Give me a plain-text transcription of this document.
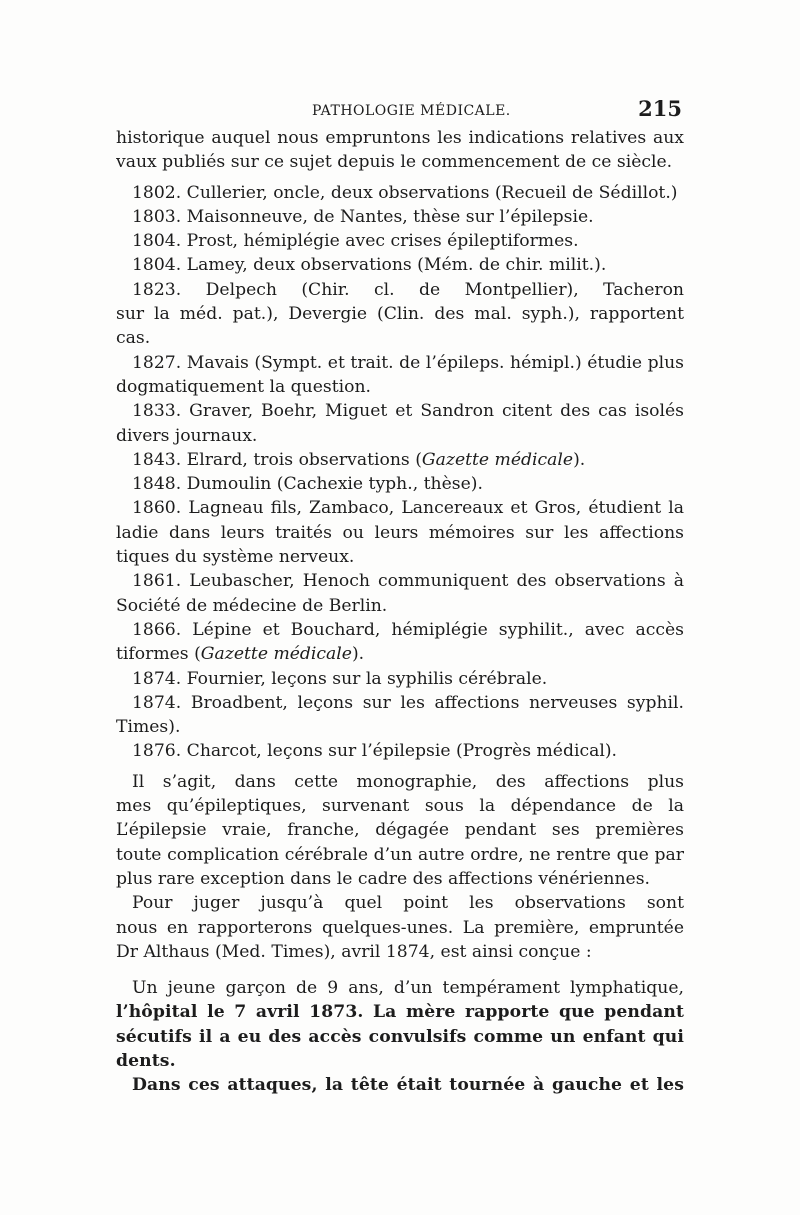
PATHOLOGIE MÉDICALE.	215
historique auquel nous empruntons les indications relatives aux
vaux publiés sur ce sujet depuis le commencement de ce siècle.
1802. Cullerier, oncle, deux observations (Recueil de Sédillot.)
1803. Maisonneuve, de Nantes, thèse sur l’épilepsie.
1804. Prost, hémiplégie avec crises épileptiformes.
1804. Lamey, deux observations (Mém. de chir. milit.).
1823. Delpech (Chir. cl. de Montpellier), Tacheron
sur la méd. pat.), Devergie (Clin. des mal. syph.), rapportent
cas.
1827. Mavais (Sympt. et trait. de l’épileps. hémipl.) étudie plus
dogmatiquement la question.
1833. Graver, Boehr, Miguet et Sandron citent des cas isolés
divers journaux.
1843. Elrard, trois observations (Gazette médicale).
1848. Dumoulin (Cachexie typh., thèse).
1860. Lagneau fils, Zambaco, Lancereaux et Gros, étudient la
ladie dans leurs traités ou leurs mémoires sur les affections
tiques du système nerveux.
1861. Leubascher, Henoch communiquent des observations à
Société de médecine de Berlin.
1866. Lépine et Bouchard, hémiplégie syphilit., avec accès
tiformes (Gazette médicale).
1874. Fournier, leçons sur la syphilis cérébrale.
1874. Broadbent, leçons sur les affections nerveuses syphil.
Times).
1876. Charcot, leçons sur l’épilepsie (Progrès médical).
Il s’agit, dans cette monographie, des affections plus
mes qu’épileptiques, survenant sous la dépendance de la
L’épilepsie vraie, franche, dégagée pendant ses premières
toute complication cérébrale d’un autre ordre, ne rentre que par
plus rare exception dans le cadre des affections vénériennes.
Pour juger jusqu’à quel point les observations sont
nous en rapporterons quelques-unes. La première, empruntée
Dr Althaus (Med. Times), avril 1874, est ainsi conçue :
Un jeune garçon de 9 ans, d’un tempérament lymphatique,
l’hôpital le 7 avril 1873. La mère rapporte que pendant
sécutifs il a eu des accès convulsifs comme un enfant qui
dents.
Dans ces attaques, la tête était tournée à gauche et les
